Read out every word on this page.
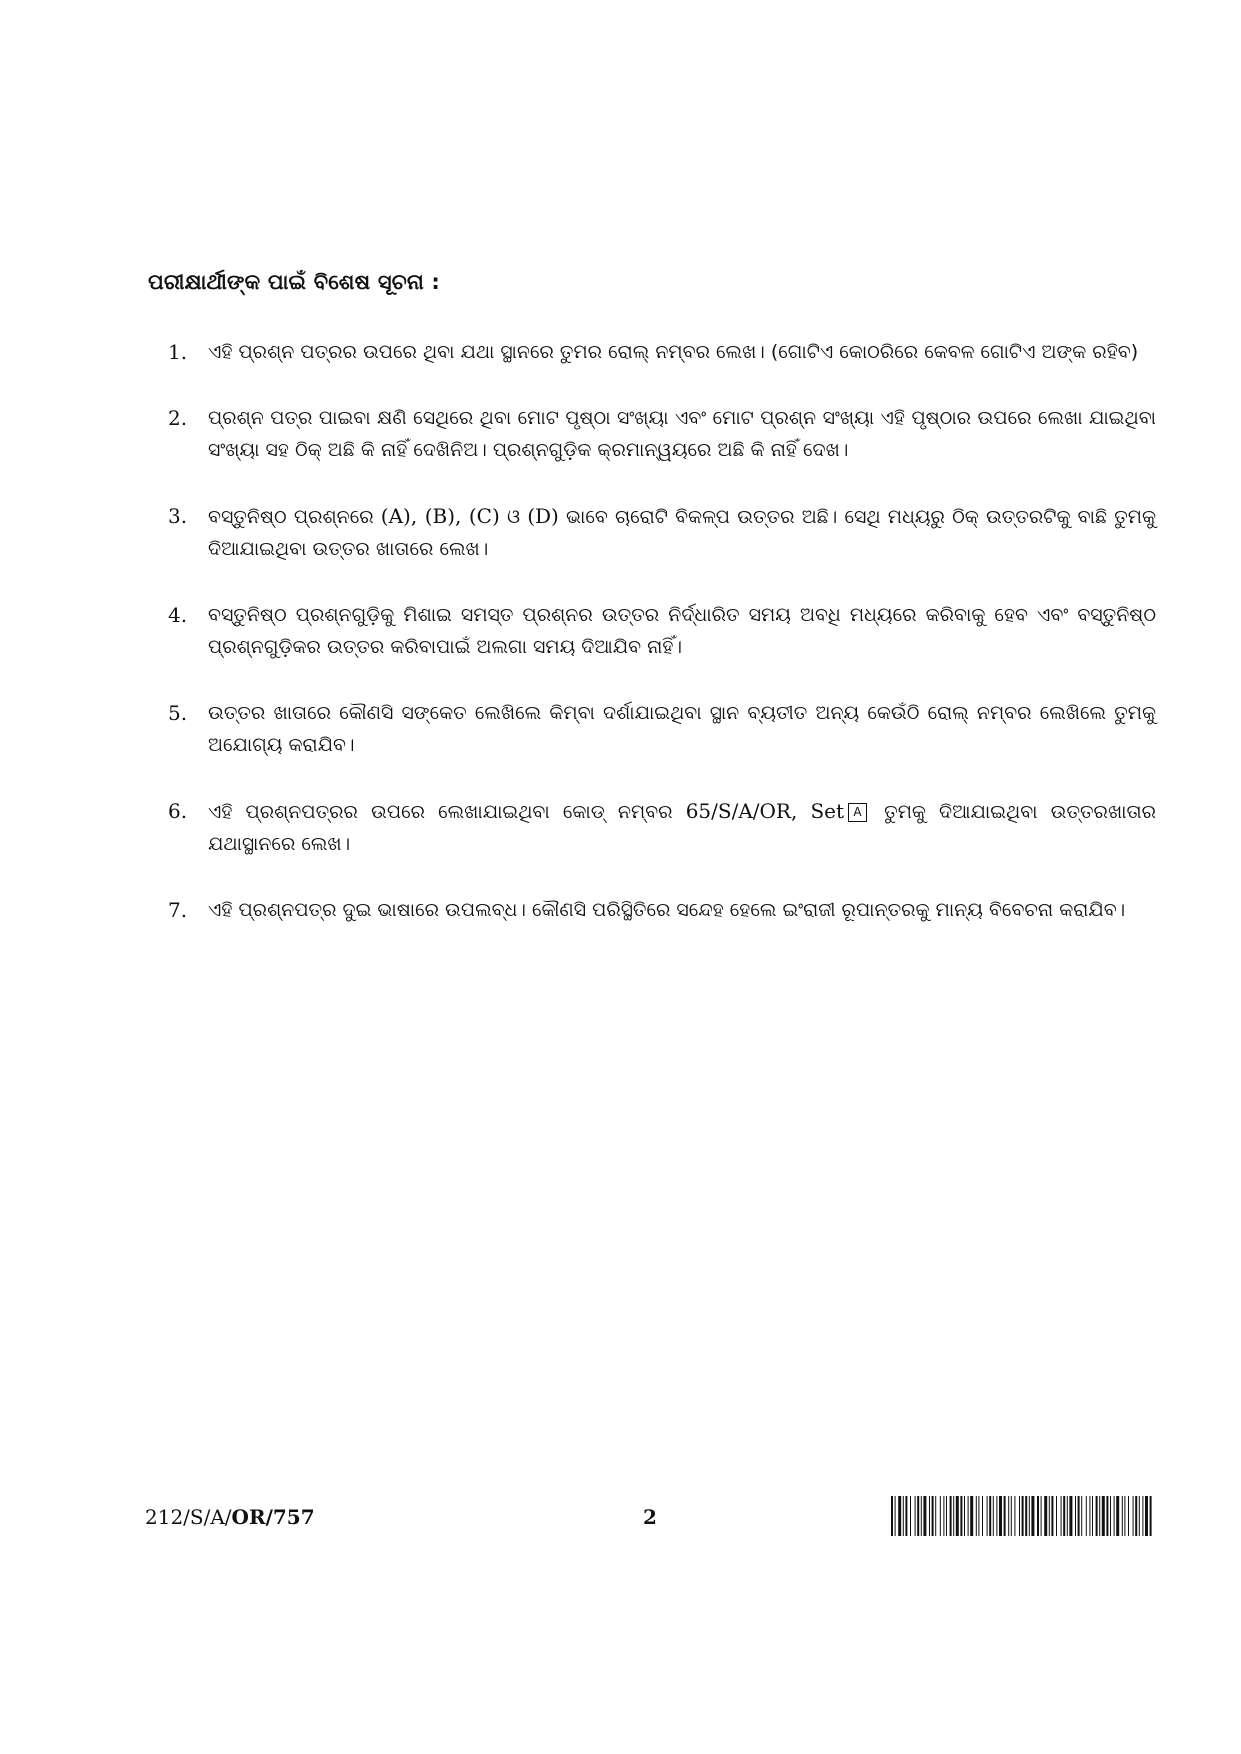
ପରୀକ୍ଷାର୍ଥୀଙ୍କ ପାଇଁ ବିଶେଷ ସୂଚନା :
1. ଏହି ପ୍ରଶ୍ନ ପତ୍ରର ଉପରେ ଥିବା ଯଥା ସ୍ଥାନରେ ତୁମର ରୋଲ୍ ନମ୍ବର ଲେଖ। (ଗୋଟିଏ କୋଠରିରେ କେବଳ ଗୋଟିଏ ଅଙ୍କ ରହିବ)
2. ପ୍ରଶ୍ନ ପତ୍ର ପାଇବା କ୍ଷଣି ସେଥିରେ ଥିବା ମୋଟ ପୃଷ୍ଠା ସଂଖ୍ୟା ଏବଂ ମୋଟ ପ୍ରଶ୍ନ ସଂଖ୍ୟା ଏହି ପୃଷ୍ଠାର ଉପରେ ଲେଖା ଯାଇଥିବା ସଂଖ୍ୟା ସହ ଠିକ୍ ଅଛି କି ନାହିଁ ଦେଖିନିଅ। ପ୍ରଶ୍ନଗୁଡ଼ିକ କ୍ରମାନ୍ୱୟରେ ଅଛି କି ନାହିଁ ଦେଖ।
3. ବସ୍ତୁନିଷ୍ଠ ପ୍ରଶ୍ନରେ (A), (B), (C) ଓ (D) ଭାବେ ଚାରୋଟି ବିକଳ୍ପ ଉତ୍ତର ଅଛି। ସେଥି ମଧ୍ୟରୁ ଠିକ୍ ଉତ୍ତରଟିକୁ ବାଛି ତୁମକୁ ଦିଆଯାଇଥିବା ଉତ୍ତର ଖାତାରେ ଲେଖ।
4. ବସ୍ତୁନିଷ୍ଠ ପ୍ରଶ୍ନଗୁଡ଼ିକୁ ମିଶାଇ ସମସ୍ତ ପ୍ରଶ୍ନର ଉତ୍ତର ନିର୍ଦ୍ଧାରିତ ସମୟ ଅବଧି ମଧ୍ୟରେ କରିବାକୁ ହେବ ଏବଂ ବସ୍ତୁନିଷ୍ଠ ପ୍ରଶ୍ନଗୁଡ଼ିକର ଉତ୍ତର କରିବାପାଇଁ ଅଲଗା ସମୟ ଦିଆଯିବ ନାହିଁ।
5. ଉତ୍ତର ଖାତାରେ କୌଣସି ସଙ୍କେତ ଲେଖିଲେ କିମ୍ବା ଦର୍ଶାଯାଇଥିବା ସ୍ଥାନ ବ୍ୟତୀତ ଅନ୍ୟ କେଉଁଠି ରୋଲ୍ ନମ୍ବର ଲେଖିଲେ ତୁମକୁ ଅଯୋଗ୍ୟ କରାଯିବ।
6. ଏହି ପ୍ରଶ୍ନପତ୍ରର ଉପରେ ଲେଖାଯାଇଥିବା କୋଡ୍ ନମ୍ବର 65/S/A/OR, Set A ତୁମକୁ ଦିଆଯାଇଥିବା ଉତ୍ତରଖାତାର ଯଥାସ୍ଥାନରେ ଲେଖ।
7. ଏହି ପ୍ରଶ୍ନପତ୍ର ଦୁଇ ଭାଷାରେ ଉପଲବ୍ଧ। କୌଣସି ପରିସ୍ଥିତିରେ ସନ୍ଦେହ ହେଲେ ଇଂରାଜୀ ରୂପାନ୍ତରକୁ ମାନ୍ୟ ବିବେଚନା କରାଯିବ।
212/S/A/OR/757	2
